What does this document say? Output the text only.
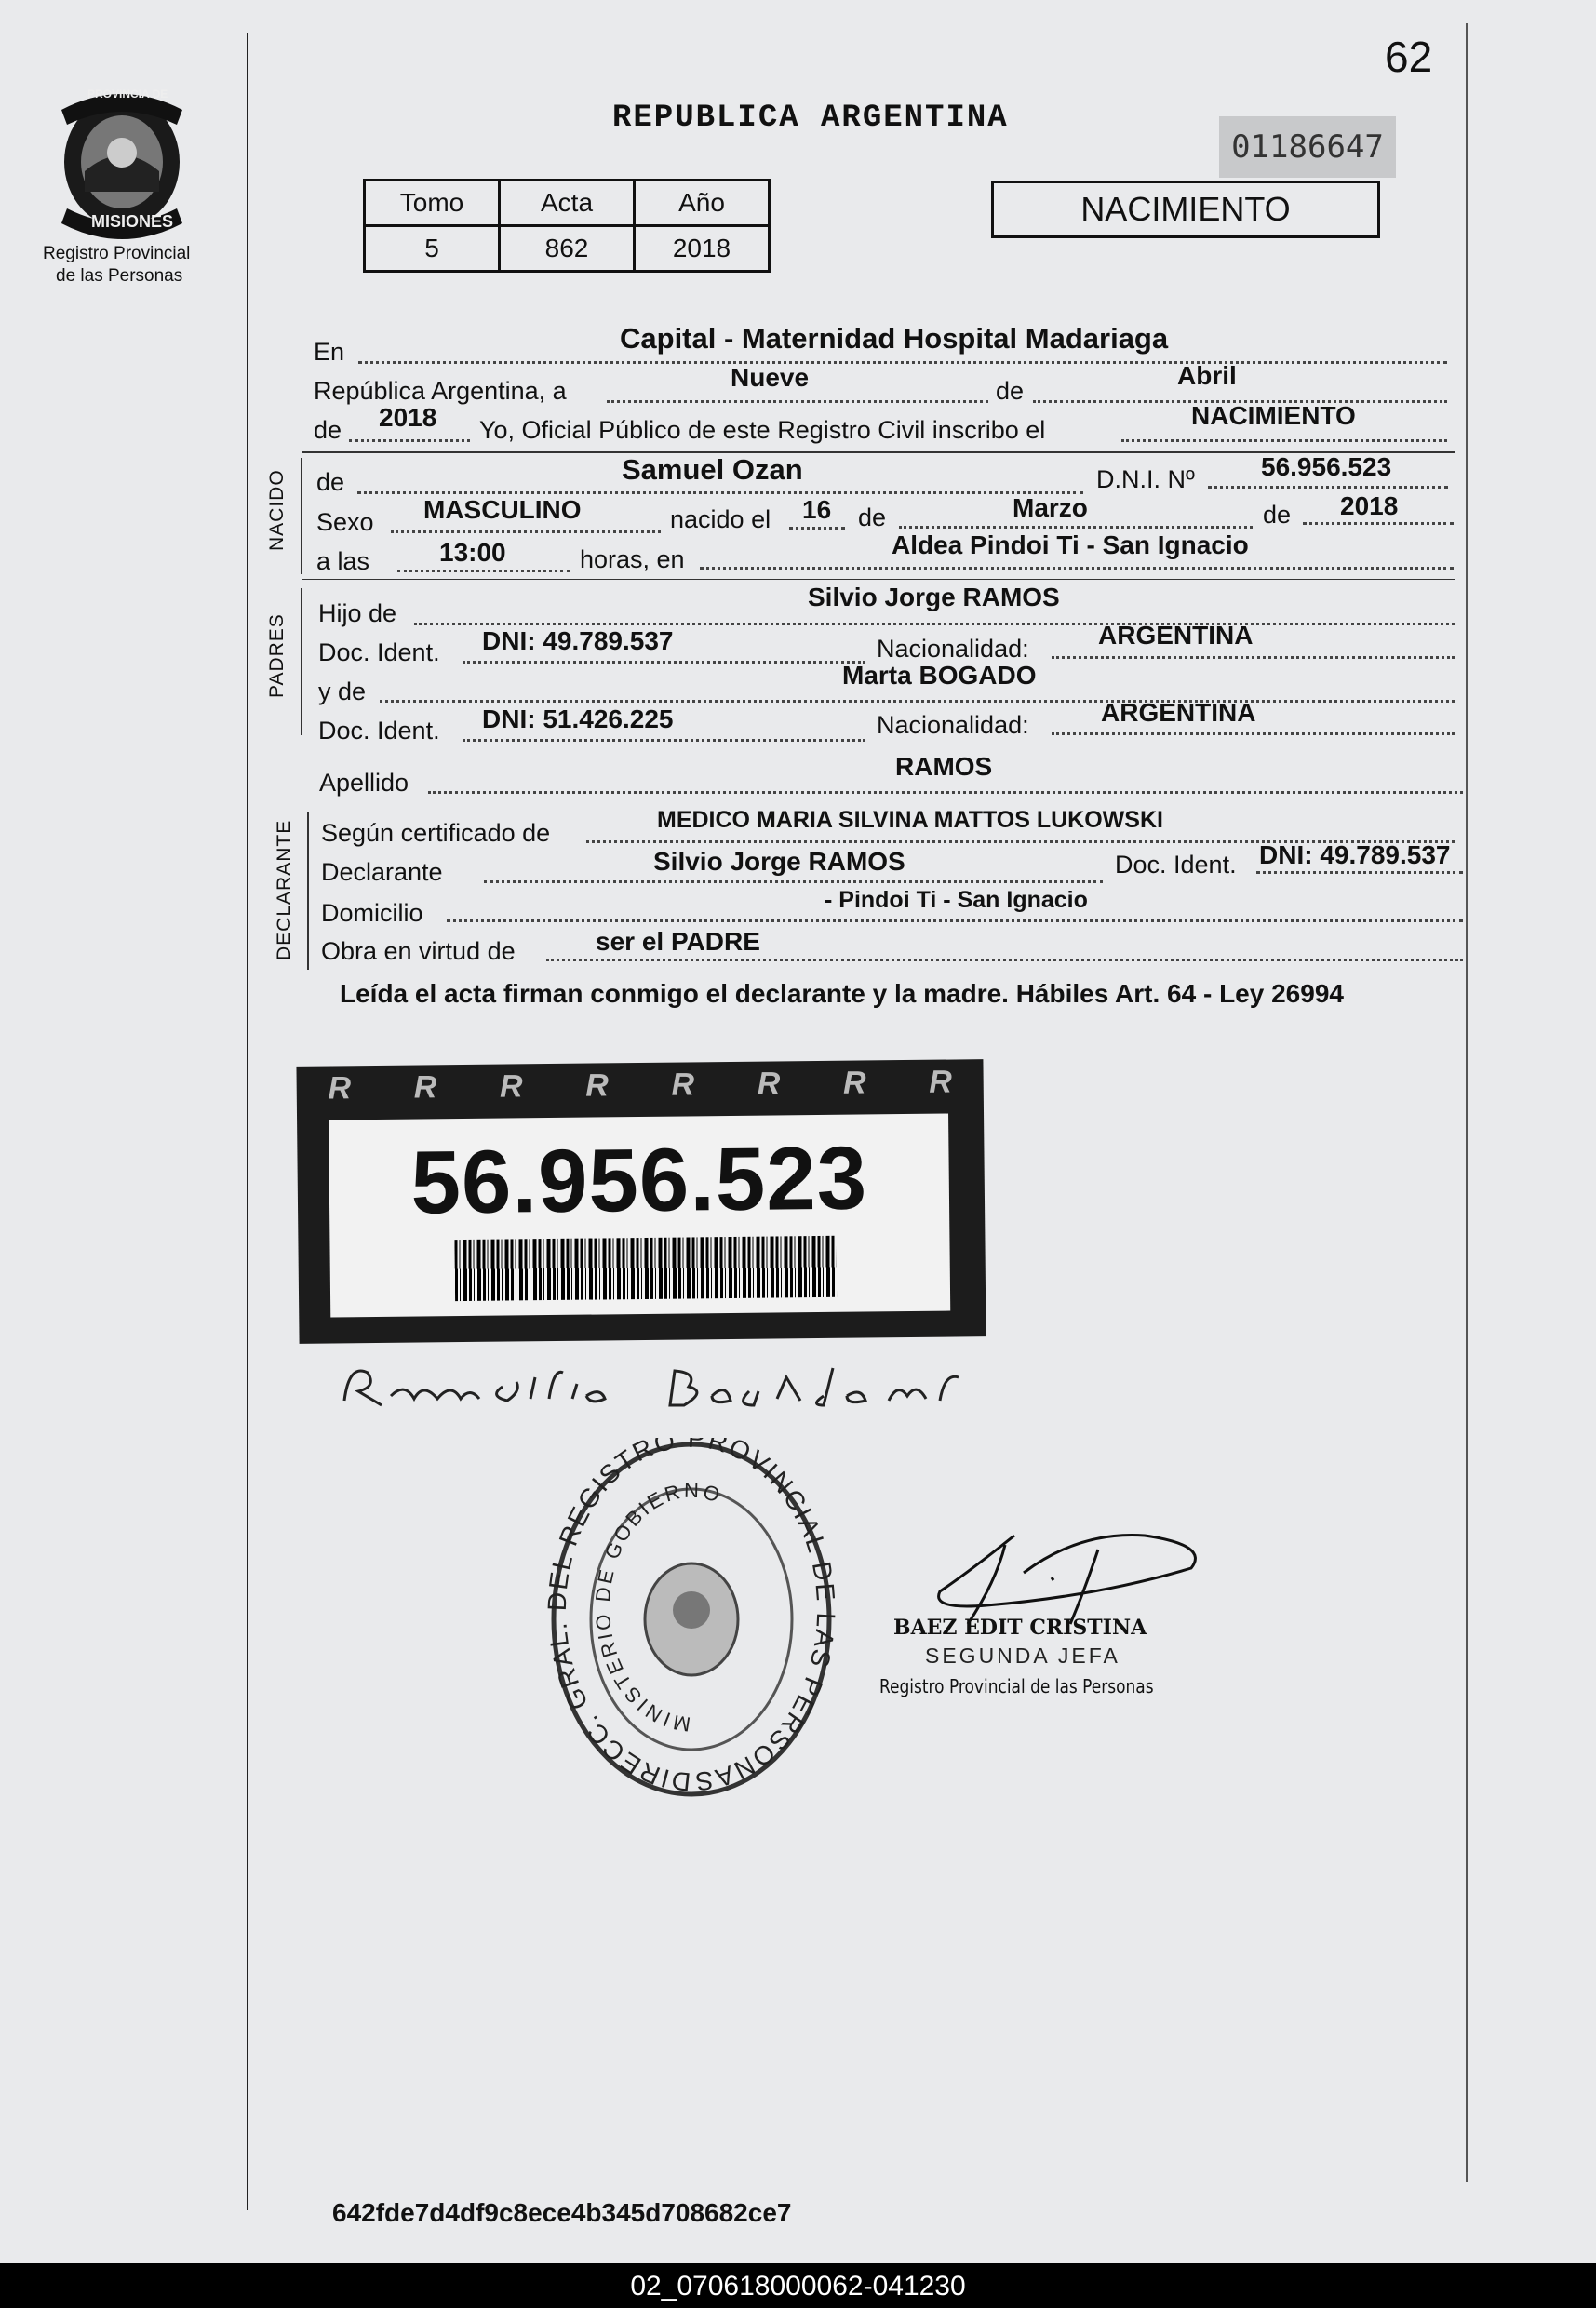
62
PROVINCIA DE
MISIONES
Registro Provincial
de las Personas
REPUBLICA ARGENTINA
01186647
NACIMIENTO
Tomo	Acta	Año
5	862	2018
En	Capital - Maternidad Hospital Madariaga
República Argentina, a	Nueve	de
Abril
de 2018 Yo, Oficial Público de este Registro Civil inscribo el	NACIMIENTO
NACIDO de	Samuel Ozan	D.N.I. Nº	56.956.523
Sexo MASCULINO	nacido el 16 de	Marzo	de 2018
a las	13:00	horas, en	Aldea Pindoi Ti - San Ignacio
PADRES
Hijo de
Silvio Jorge RAMOS
Doc. Ident. DNI: 49.789.537	Nacionalidad:	ARGENTINA
y de
Marta BOGADO
Doc. Ident. DNI: 51.426.225	Nacionalidad:	ARGENTINA
Apellido
RAMOS
DECLARANTE Según certificado de	MEDICO MARIA SILVINA MATTOS LUKOWSKI
Declarante	Silvio Jorge RAMOS	Doc. Ident. DNI: 49.789.537
Domicilio	- Pindoi Ti - San Ignacio
Obra en virtud de	ser el PADRE
Leída el acta firman conmigo el declarante y la madre. Hábiles Art. 64 - Ley 26994
R R R R R R R R
56.956.523
DIRECC. GRA L REGISTRO PROVINCIAL D S PERSONAS
MINISTERIO DE GOBIERNO
BAEZ EDIT CRISTINA
SEGUNDA JEFA
Registro Provincial de las Personas
642fde7d4df9c8ece4b345d708682ce7
02_070618000062-041230
